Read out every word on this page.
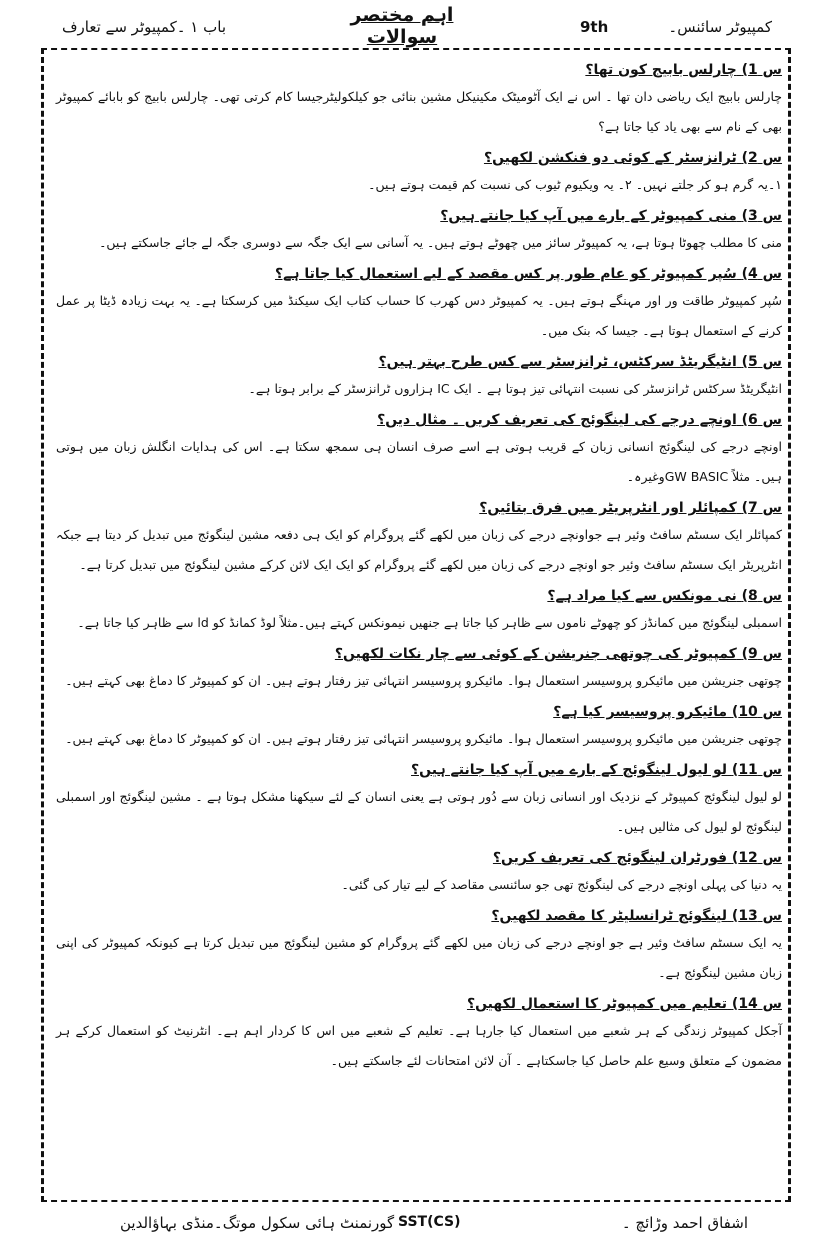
کمپیوٹر سائنس۔
9th
اہم مختصر سوالات
باب ۱ ۔کمپیوٹر سے تعارف
س 1) چارلس بابیج کون تھا؟
چارلس بابیج ایک ریاضی دان تھا ۔ اس نے ایک آٹومیٹک مکینیکل مشین بنائی جو کیلکولیٹرجیسا کام کرتی تھی۔ چارلس بابیج کو بابائے کمپیوٹر بھی کے نام سے بھی یاد کیا جاتا ہے؟
س 2) ٹرانزسٹر کے کوئی دو فنکشن لکھیں؟
۱۔یہ گرم ہو کر جلتے نہیں۔ ۲۔ یہ ویکیوم ٹیوب کی نسبت کم قیمت ہوتے ہیں۔
س 3) منی کمپیوٹر کے بارے میں آپ کیا جانتے ہیں؟
منی کا مطلب چھوٹا ہوتا ہے، یہ کمپیوٹر سائز میں چھوٹے ہوتے ہیں۔ یہ آسانی سے ایک جگہ سے دوسری جگہ لے جائے جاسکتے ہیں۔
س 4) سُپر کمپیوٹر کو عام طور پر کس مقصد کے لیے استعمال کیا جاتا ہے؟
سُپر کمپیوٹر طاقت ور اور مہنگے ہوتے ہیں۔ یہ کمپیوٹر دس کھرب کا حساب کتاب ایک سیکنڈ میں کرسکتا ہے۔ یہ بہت زیادہ ڈیٹا پر عمل کرنے کے استعمال ہوتا ہے۔ جیسا کہ بنک میں۔
س 5) انٹیگریٹڈ سرکٹس، ٹرانزسٹر سے کس طرح بہتر ہیں؟
انٹیگریٹڈ سرکٹس ٹرانزسٹر کی نسبت انتہائی تیز ہوتا ہے ۔ ایک IC ہزاروں ٹرانزسٹر کے برابر ہوتا ہے۔
س 6) اونچے درجے کی لینگوئج کی تعریف کریں ۔ مثال دیں؟
اونچے درجے کی لینگوئج انسانی زبان کے قریب ہوتی ہے اسے صرف انسان ہی سمجھ سکتا ہے۔ اس کی ہدایات انگلش زبان میں ہوتی ہیں۔ مثلاً GW BASICوغیرہ۔
س 7) کمپائلر اور انٹرپریٹر میں فرق بتائیں؟
کمپائلر ایک سسٹم سافٹ وئیر ہے جواونچے درجے کی زبان میں لکھے گئے پروگرام کو ایک ہی دفعہ مشین لینگوئج میں تبدیل کر دیتا ہے جبکہ انٹرپریٹر ایک سسٹم سافٹ وئیر جو اونچے درجے کی زبان میں لکھے گئے پروگرام کو ایک ایک لائن کرکے مشین لینگوئج میں تبدیل کرتا ہے۔
س 8) نی مونکس سے کیا مراد ہے؟
اسمبلی لینگوئج میں کمانڈز کو چھوٹے ناموں سے ظاہر کیا جاتا ہے جنھیں نیمونکس کہتے ہیں۔مثلاً لوڈ کمانڈ کو ld سے ظاہر کیا جاتا ہے۔
س 9) کمپیوٹر کی چوتھی جنریشن کے کوئی سے چار نکات لکھیں؟
چوتھی جنریشن میں مائیکرو پروسیسر استعمال ہوا۔ مائیکرو پروسیسر انتہائی تیز رفتار ہوتے ہیں۔ ان کو کمپیوٹر کا دماغ بھی کہتے ہیں۔
س 10) مائیکرو پروسیسر کیا ہے؟
چوتھی جنریشن میں مائیکرو پروسیسر استعمال ہوا۔ مائیکرو پروسیسر انتہائی تیز رفتار ہوتے ہیں۔ ان کو کمپیوٹر کا دماغ بھی کہتے ہیں۔
س 11) لو لیول لینگوئج کے بارے میں آپ کیا جانتے ہیں؟
لو لیول لینگوئج کمپیوٹر کے نزدیک اور انسانی زبان سے دُور ہوتی ہے یعنی انسان کے لئے سیکھنا مشکل ہوتا ہے ۔ مشین لینگوئج اور اسمبلی لینگوئج لو لیول کی مثالیں ہیں۔
س 12) فورٹران لینگوئج کی تعریف کریں؟
یہ دنیا کی پہلی اونچے درجے کی لینگوئج تھی جو سائنسی مقاصد کے لیے تیار کی گئی۔
س 13) لینگوئج ٹرانسلیٹر کا مقصد لکھیں؟
یہ ایک سسٹم سافٹ وئیر ہے جو اونچے درجے کی زبان میں لکھے گئے پروگرام کو مشین لینگوئج میں تبدیل کرتا ہے کیونکہ کمپیوٹر کی اپنی زبان مشین لینگوئج ہے۔
س 14) تعلیم میں کمپیوٹر کا استعمال لکھیں؟
آجکل کمپیوٹر زندگی کے ہر شعبے میں استعمال کیا جارہا ہے۔ تعلیم کے شعبے میں اس کا کردار اہم ہے۔ انٹرنیٹ کو استعمال کرکے ہر مضمون کے متعلق وسیع علم حاصل کیا جاسکتاہے ۔ آن لائن امتحانات لئے جاسکتے ہیں۔
اشفاق احمد وڑائچ ۔
SST(CS)
گورنمنٹ ہائی سکول موتگ۔منڈی بہاؤالدین
